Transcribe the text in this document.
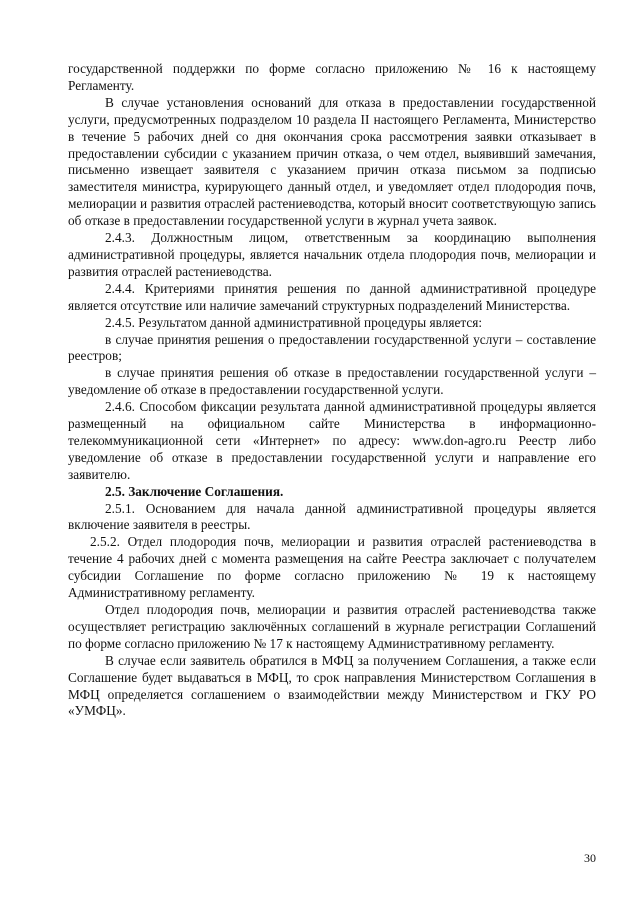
государственной поддержки по форме согласно приложению № 16 к настоящему Регламенту.

В случае установления оснований для отказа в предоставлении государственной услуги, предусмотренных подразделом 10 раздела II настоящего Регламента, Министерство в течение 5 рабочих дней со дня окончания срока рассмотрения заявки отказывает в предоставлении субсидии с указанием причин отказа, о чем отдел, выявивший замечания, письменно извещает заявителя с указанием причин отказа письмом за подписью заместителя министра, курирующего данный отдел, и уведомляет отдел плодородия почв, мелиорации и развития отраслей растениеводства, который вносит соответствующую запись об отказе в предоставлении государственной услуги в журнал учета заявок.

2.4.3. Должностным лицом, ответственным за координацию выполнения административной процедуры, является начальник отдела плодородия почв, мелиорации и развития отраслей растениеводства.

2.4.4. Критериями принятия решения по данной административной процедуре является отсутствие или наличие замечаний структурных подразделений Министерства.

2.4.5. Результатом данной административной процедуры является:

в случае принятия решения о предоставлении государственной услуги – составление реестров;

в случае принятия решения об отказе в предоставлении государственной услуги – уведомление об отказе в предоставлении государственной услуги.

2.4.6. Способом фиксации результата данной административной процедуры является размещенный на официальном сайте Министерства в информационно-телекоммуникационной сети «Интернет» по адресу: www.don-agro.ru Реестр либо уведомление об отказе в предоставлении государственной услуги и направление его заявителю.

2.5. Заключение Соглашения.

2.5.1. Основанием для начала данной административной процедуры является включение заявителя в реестры.

2.5.2. Отдел плодородия почв, мелиорации и развития отраслей растениеводства в течение 4 рабочих дней с момента размещения на сайте Реестра заключает с получателем субсидии Соглашение по форме согласно приложению № 19 к настоящему Административному регламенту.

Отдел плодородия почв, мелиорации и развития отраслей растениеводства также осуществляет регистрацию заключённых соглашений в журнале регистрации Соглашений по форме согласно приложению № 17 к настоящему Административному регламенту.

В случае если заявитель обратился в МФЦ за получением Соглашения, а также если Соглашение будет выдаваться в МФЦ, то срок направления Министерством Соглашения в МФЦ определяется соглашением о взаимодействии между Министерством и ГКУ РО «УМФЦ».

30
